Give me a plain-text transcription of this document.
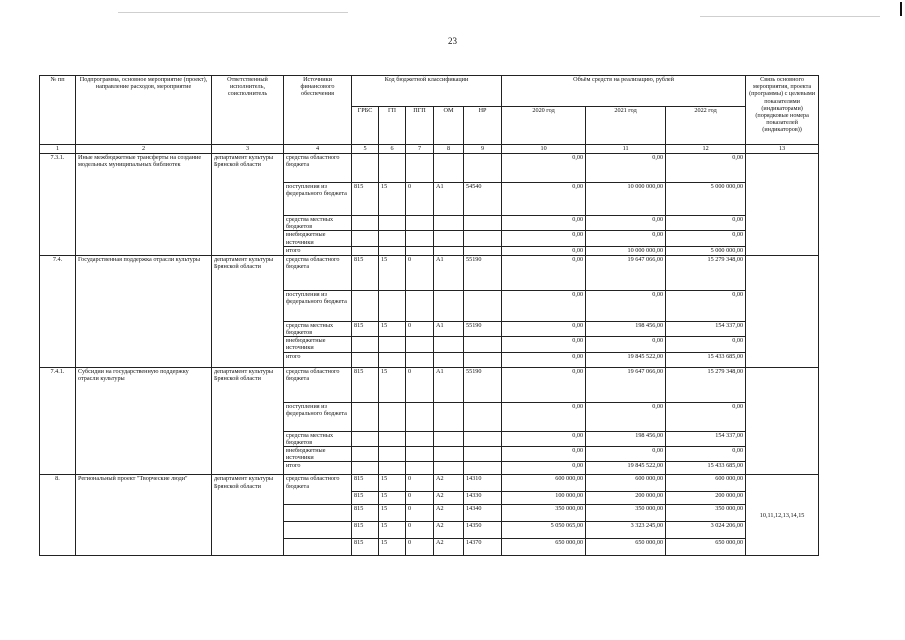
23
№ пп	Подпрограмма, основное мероприятие (проект), направление расходов, мероприятие	Ответственный исполнитель, соисполнитель	Источники финансового обеспечения	Код бюджетной классификации					Объём средств на реализацию, рублей			Связь основного мероприятия, проекта (программы) с целевыми показателями (индикаторами) (порядковые номера показателей (индикаторов))
				ГРБС	ГП	ПГП	ОМ	НР	2020 год	2021 год	2022 год	
1	2	3	4	5	6	7	8	9	10	11	12	13
7.3.1.	Иные межбюджетные трансферты на создание модельных муниципальных библиотек	департамент культуры Брянской области	средства областного бюджета						0,00	0,00	0,00	
			поступления из федерального бюджета	815	15	0	A1	54540	0,00	10 000 000,00	5 000 000,00	
			средства местных бюджетов						0,00	0,00	0,00	
			внебюджетные источники						0,00	0,00	0,00	
			итого						0,00	10 000 000,00	5 000 000,00	
7.4.	Государственная поддержка отрасли культуры	департамент культуры Брянской области	средства областного бюджета	815	15	0	A1	55190	0,00	19 647 066,00	15 279 348,00	
			поступления из федерального бюджета						0,00	0,00	0,00	
			средства местных бюджетов	815	15	0	A1	55190	0,00	198 456,00	154 337,00	
			внебюджетные источники						0,00	0,00	0,00	
			итого						0,00	19 845 522,00	15 433 685,00	
7.4.1.	Субсидии на государственную поддержку отрасли культуры	департамент культуры Брянской области	средства областного бюджета	815	15	0	A1	55190	0,00	19 647 066,00	15 279 348,00	
			поступления из федерального бюджета						0,00	0,00	0,00	
			средства местных бюджетов						0,00	198 456,00	154 337,00	
			внебюджетные источники						0,00	0,00	0,00	
			итого						0,00	19 845 522,00	15 433 685,00	
8.	Региональный проект "Творческие люди"	департамент культуры Брянской области	средства областного бюджета	815	15	0	A2	14310	600 000,00	600 000,00	600 000,00	10,11,12,13,14,15
				815	15	0	A2	14330	100 000,00	200 000,00	200 000,00	
				815	15	0	A2	14340	350 000,00	350 000,00	350 000,00	
				815	15	0	A2	14350	5 050 065,00	3 323 245,00	3 024 206,00	
				815	15	0	A2	14370	650 000,00	650 000,00	650 000,00	
